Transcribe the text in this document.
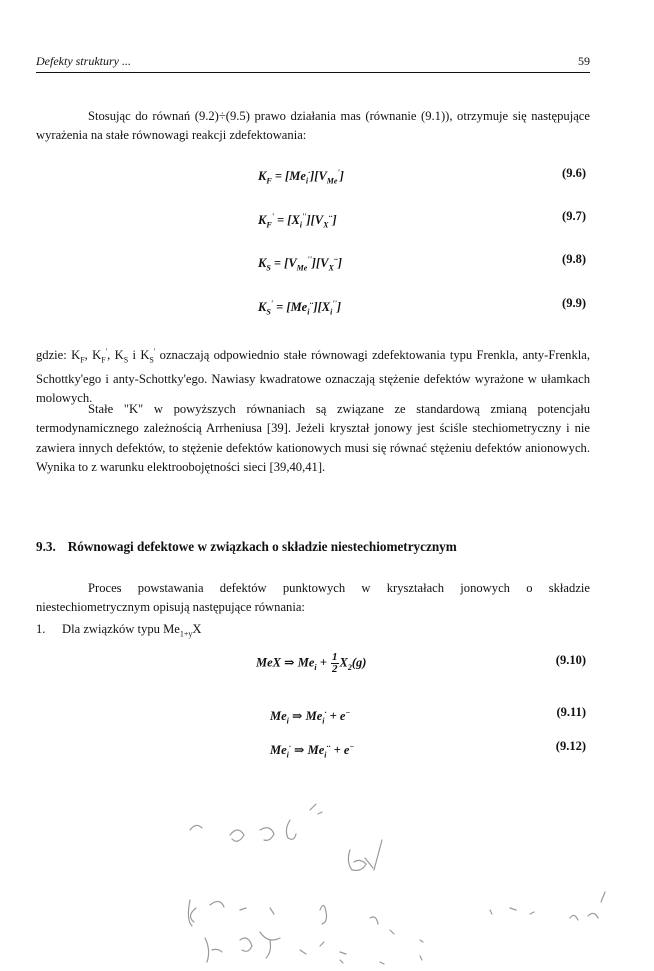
Defekty struktury ...	59

Stosując do równań (9.2)÷(9.5) prawo działania mas (równanie (9.1)), otrzymuje się następujące wyrażenia na stałe równowagi reakcji zdefektowania:

$K_F = [Me_i^\cdot][V_{Me}']$	(9.6)
$K_F' = [X_i''][V_X^{\cdot\cdot}]$	(9.7)
$K_S = [V_{Me}''][V_X^{\cdot\cdot}]$	(9.8)
$K_S' = [Me_i^{\cdot\cdot}][X_i'']$	(9.9)

gdzie: $K_F$, $K_F'$, $K_S$ i $K_S'$ oznaczają odpowiednio stałe równowagi zdefektowania typu Frenkla, anty-Frenkla, Schottky'ego i anty-Schottky'ego. Nawiasy kwadratowe oznaczają stężenie defektów wyrażone w ułamkach molowych.

Stałe "K" w powyższych równaniach są związane ze standardową zmianą potencjału termodynamicznego zależnością Arrheniusa [39]. Jeżeli kryształ jonowy jest ściśle stechiometryczny i nie zawiera innych defektów, to stężenie defektów kationowych musi się równać stężeniu defektów anionowych. Wynika to z warunku elektroobojętności sieci [39,40,41].

9.3. Równowagi defektowe w związkach o składzie niestechiometrycznym

Proces powstawania defektów punktowych w kryształach jonowych o składzie niestechiometrycznym opisują następujące równania:

1. Dla związków typu $Me_{1+y}X$
MeX ⇒ $Me_i + \frac{1}{2} X_2(g)$	(9.10)
$Me_i$ ⇒ $Me_i^\cdot + e^-$	(9.11)
$Me_i^\cdot$ ⇒ $Me_i^{\cdot\cdot} + e^-$	(9.12)
